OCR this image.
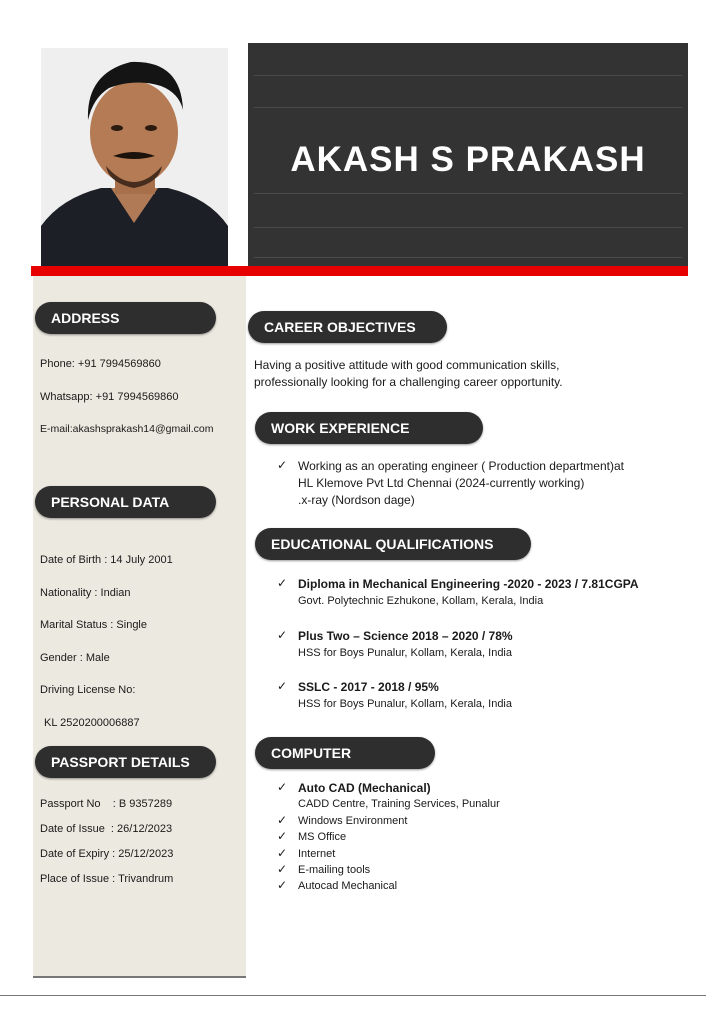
AKASH S PRAKASH
ADDRESS
Phone: +91 7994569860
Whatsapp: +91 7994569860
E-mail:akashsprakash14@gmail.com
PERSONAL DATA
Date of Birth : 14 July 2001
Nationality : Indian
Marital Status : Single
Gender : Male
Driving License No:
KL 2520200006887
PASSPORT DETAILS
Passport No    : B 9357289
Date of Issue  : 26/12/2023
Date of Expiry : 25/12/2023
Place of Issue : Trivandrum
CAREER OBJECTIVES
Having a positive attitude with good communication skills,
professionally looking for a challenging career opportunity.
WORK EXPERIENCE
✓ Working as an operating engineer ( Production department)at
HL Klemove Pvt Ltd Chennai (2024-currently working)
.x-ray (Nordson dage)
EDUCATIONAL QUALIFICATIONS
✓ Diploma in Mechanical Engineering -2020 - 2023 / 7.81CGPA
Govt. Polytechnic Ezhukone, Kollam, Kerala, India
✓ Plus Two – Science 2018 – 2020 / 78%
HSS for Boys Punalur, Kollam, Kerala, India
✓ SSLC - 2017 - 2018 / 95%
HSS for Boys Punalur, Kollam, Kerala, India
COMPUTER
✓ Auto CAD (Mechanical)
CADD Centre, Training Services, Punalur
✓ Windows Environment
✓ MS Office
✓ Internet
✓ E-mailing tools
✓ Autocad Mechanical
